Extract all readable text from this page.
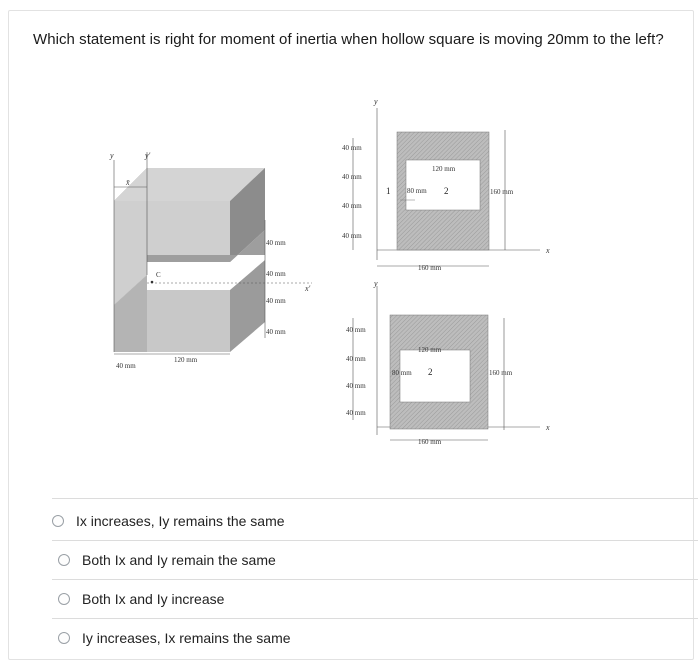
Which statement is right for moment of inertia when hollow square is moving 20mm to the left?
y	y'
x̄
C
x'
40 mm
40 mm
40 mm
40 mm
120 mm
40 mm
y
x
40 mm
40 mm
40 mm
40 mm
120 mm
80 mm	160 mm
160 mm
1	2
y
x
40 mm
40 mm
40 mm
40 mm
120 mm
80 mm	160 mm
160 mm
2
Ix increases, Iy remains the same
Both Ix and Iy remain the same
Both Ix and Iy increase
Iy increases, Ix remains the same
